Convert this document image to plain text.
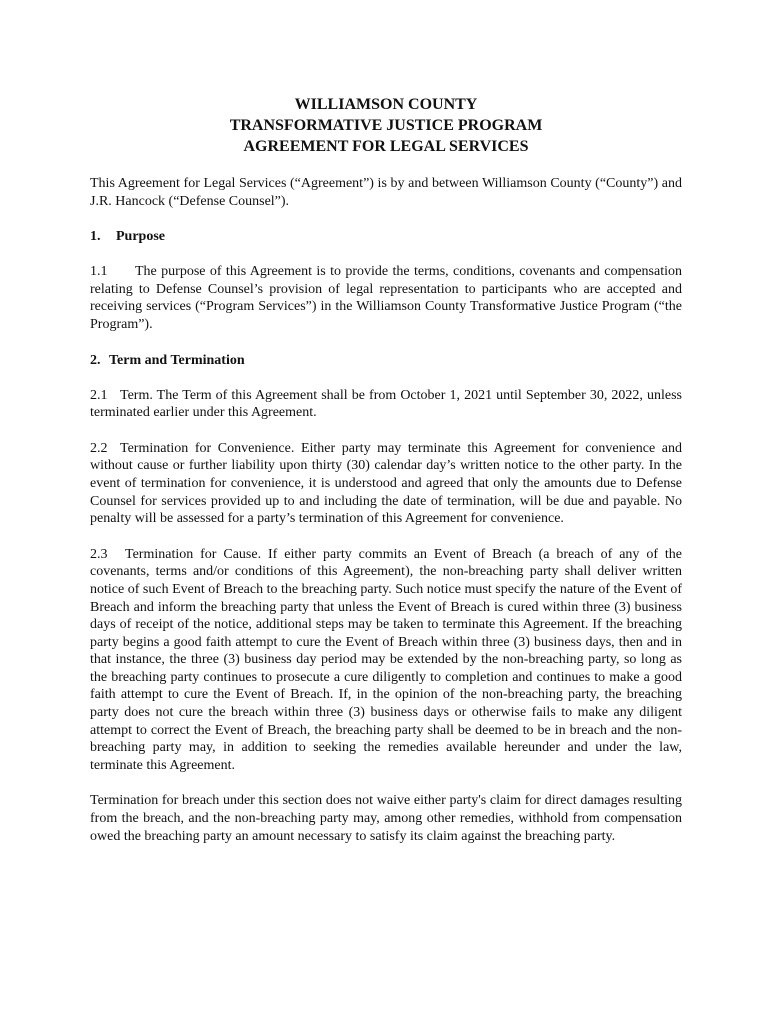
WILLIAMSON COUNTY
TRANSFORMATIVE JUSTICE PROGRAM
AGREEMENT FOR LEGAL SERVICES

This Agreement for Legal Services (“Agreement”) is by and between Williamson County (“County”) and J.R. Hancock (“Defense Counsel”).

1. Purpose

1.1 The purpose of this Agreement is to provide the terms, conditions, covenants and compensation relating to Defense Counsel’s provision of legal representation to participants who are accepted and receiving services (“Program Services”) in the Williamson County Transformative Justice Program (“the Program”).

2. Term and Termination

2.1 Term. The Term of this Agreement shall be from October 1, 2021 until September 30, 2022, unless terminated earlier under this Agreement.

2.2 Termination for Convenience. Either party may terminate this Agreement for convenience and without cause or further liability upon thirty (30) calendar day’s written notice to the other party. In the event of termination for convenience, it is understood and agreed that only the amounts due to Defense Counsel for services provided up to and including the date of termination, will be due and payable. No penalty will be assessed for a party’s termination of this Agreement for convenience.

2.3 Termination for Cause. If either party commits an Event of Breach (a breach of any of the covenants, terms and/or conditions of this Agreement), the non-breaching party shall deliver written notice of such Event of Breach to the breaching party. Such notice must specify the nature of the Event of Breach and inform the breaching party that unless the Event of Breach is cured within three (3) business days of receipt of the notice, additional steps may be taken to terminate this Agreement. If the breaching party begins a good faith attempt to cure the Event of Breach within three (3) business days, then and in that instance, the three (3) business day period may be extended by the non-breaching party, so long as the breaching party continues to prosecute a cure diligently to completion and continues to make a good faith attempt to cure the Event of Breach. If, in the opinion of the non-breaching party, the breaching party does not cure the breach within three (3) business days or otherwise fails to make any diligent attempt to correct the Event of Breach, the breaching party shall be deemed to be in breach and the non-breaching party may, in addition to seeking the remedies available hereunder and under the law, terminate this Agreement.

Termination for breach under this section does not waive either party's claim for direct damages resulting from the breach, and the non-breaching party may, among other remedies, withhold from compensation owed the breaching party an amount necessary to satisfy its claim against the breaching party.
